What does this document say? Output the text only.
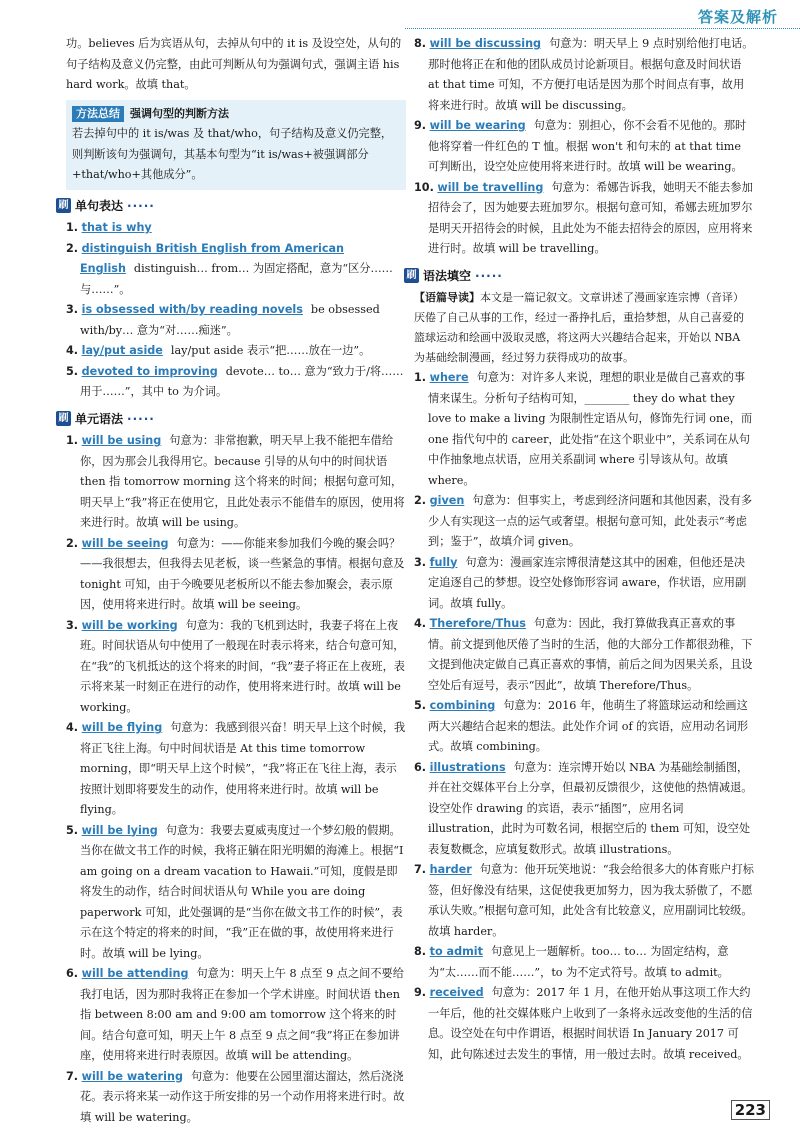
答案及解析

功。believes 后为宾语从句，去掉从句中的 it is 及设空处，从句的句子结构及意义仍完整，由此可判断从句为强调句式，强调主语 his hard work。故填 that。

方法总结 强调句型的判断方法

若去掉句中的 it is/was 及 that/who，句子结构及意义仍完整，则判断该句为强调句，其基本句型为“it is/was+被强调部分+that/who+其他成分”。

刷 单句表达 ·····

1. that is why

2. distinguish British English from American English distinguish… from… 为固定搭配，意为“区分……与……”。

3. is obsessed with/by reading novels be obsessed with/by… 意为“对……痴迷”。

4. lay/put aside lay/put aside 表示“把……放在一边”。

5. devoted to improving devote… to… 意为“致力于/将……用于……”，其中 to 为介词。

刷 单元语法 ·····

1. will be using 句意为：非常抱歉，明天早上我不能把车借给你，因为那会儿我得用它。because 引导的从句中的时间状语 then 指 tomorrow morning 这个将来的时间；根据句意可知，明天早上“我”将正在使用它，且此处表示不能借车的原因，使用将来进行时。故填 will be using。

2. will be seeing 句意为：——你能来参加我们今晚的聚会吗？——我很想去，但我得去见老板，谈一些紧急的事情。根据句意及 tonight 可知，由于今晚要见老板所以不能去参加聚会，表示原因，使用将来进行时。故填 will be seeing。

3. will be working 句意为：我的飞机到达时，我妻子将在上夜班。时间状语从句中使用了一般现在时表示将来，结合句意可知，在“我”的飞机抵达的这个将来的时间，“我”妻子将正在上夜班，表示将来某一时刻正在进行的动作，使用将来进行时。故填 will be working。

4. will be flying 句意为：我感到很兴奋！明天早上这个时候，我将正飞往上海。句中时间状语是 At this time tomorrow morning，即“明天早上这个时候”，“我”将正在飞往上海，表示按照计划即将要发生的动作，使用将来进行时。故填 will be flying。

5. will be lying 句意为：我要去夏威夷度过一个梦幻般的假期。当你在做文书工作的时候，我将正躺在阳光明媚的海滩上。根据“I am going on a dream vacation to Hawaii.”可知，度假是即将发生的动作，结合时间状语从句 While you are doing paperwork 可知，此处强调的是“当你在做文书工作的时候”，表示在这个特定的将来的时间，“我”正在做的事，故使用将来进行时。故填 will be lying。

6. will be attending 句意为：明天上午 8 点至 9 点之间不要给我打电话，因为那时我将正在参加一个学术讲座。时间状语 then 指 between 8:00 am and 9:00 am tomorrow 这个将来的时间。结合句意可知，明天上午 8 点至 9 点之间“我”将正在参加讲座，使用将来进行时表原因。故填 will be attending。

7. will be watering 句意为：他要在公园里溜达溜达，然后浇浇花。表示将来某一动作这于所安排的另一个动作用将来进行时。故填 will be watering。

8. will be discussing 句意为：明天早上 9 点时别给他打电话。那时他将正在和他的团队成员讨论新项目。根据句意及时间状语 at that time 可知，不方便打电话是因为那个时间点有事，故用将来进行时。故填 will be discussing。

9. will be wearing 句意为：别担心，你不会看不见他的。那时他将穿着一件红色的 T 恤。根据 won't 和句末的 at that time 可判断出，设空处应使用将来进行时。故填 will be wearing。

10. will be travelling 句意为：希娜告诉我，她明天不能去参加招待会了，因为她要去班加罗尔。根据句意可知，希娜去班加罗尔是明天开招待会的时候，且此处为不能去招待会的原因，应用将来进行时。故填 will be travelling。

刷 语法填空 ·····

【语篇导读】本文是一篇记叙文。文章讲述了漫画家连宗博（音译）厌倦了自己从事的工作，经过一番挣扎后，重拾梦想，从自己喜爱的篮球运动和绘画中汲取灵感，将这两大兴趣结合起来，开始以 NBA 为基础绘制漫画，经过努力获得成功的故事。

1. where 句意为：对许多人来说，理想的职业是做自己喜欢的事情来谋生。分析句子结构可知，________ they do what they love to make a living 为限制性定语从句，修饰先行词 one，而 one 指代句中的 career，此处指“在这个职业中”，关系词在从句中作抽象地点状语，应用关系副词 where 引导该从句。故填 where。

2. given 句意为：但事实上，考虑到经济问题和其他因素，没有多少人有实现这一点的运气或奢望。根据句意可知，此处表示“考虑到；鉴于”，故填介词 given。

3. fully 句意为：漫画家连宗博很清楚这其中的困难，但他还是决定追逐自己的梦想。设空处修饰形容词 aware，作状语，应用副词。故填 fully。

4. Therefore/Thus 句意为：因此，我打算做我真正喜欢的事情。前文提到他厌倦了当时的生活，他的大部分工作都很劲稚，下文提到他决定做自己真正喜欢的事情，前后之间为因果关系，且设空处后有逗号，表示“因此”，故填 Therefore/Thus。

5. combining 句意为：2016 年，他萌生了将篮球运动和绘画这两大兴趣结合起来的想法。此处作介词 of 的宾语，应用动名词形式。故填 combining。

6. illustrations 句意为：连宗博开始以 NBA 为基础绘制插图，并在社交媒体平台上分享，但最初反馈很少，这使他的热情减退。设空处作 drawing 的宾语，表示“插图”，应用名词 illustration，此时为可数名词，根据空后的 them 可知，设空处表复数概念，应填复数形式。故填 illustrations。

7. harder 句意为：他开玩笑地说：“我会给很多大的体育账户打标签，但好像没有结果，这促使我更加努力，因为我太骄傲了，不愿承认失败。”根据句意可知，此处含有比较意义，应用副词比较级。故填 harder。

8. to admit 句意见上一题解析。too… to… 为固定结构，意为“太……而不能……”，to 为不定式符号。故填 to admit。

9. received 句意为：2017 年 1 月，在他开始从事这项工作大约一年后，他的社交媒体账户上收到了一条将永远改变他的生活的信息。设空处在句中作谓语，根据时间状语 In January 2017 可知，此句陈述过去发生的事情，用一般过去时。故填 received。

223
